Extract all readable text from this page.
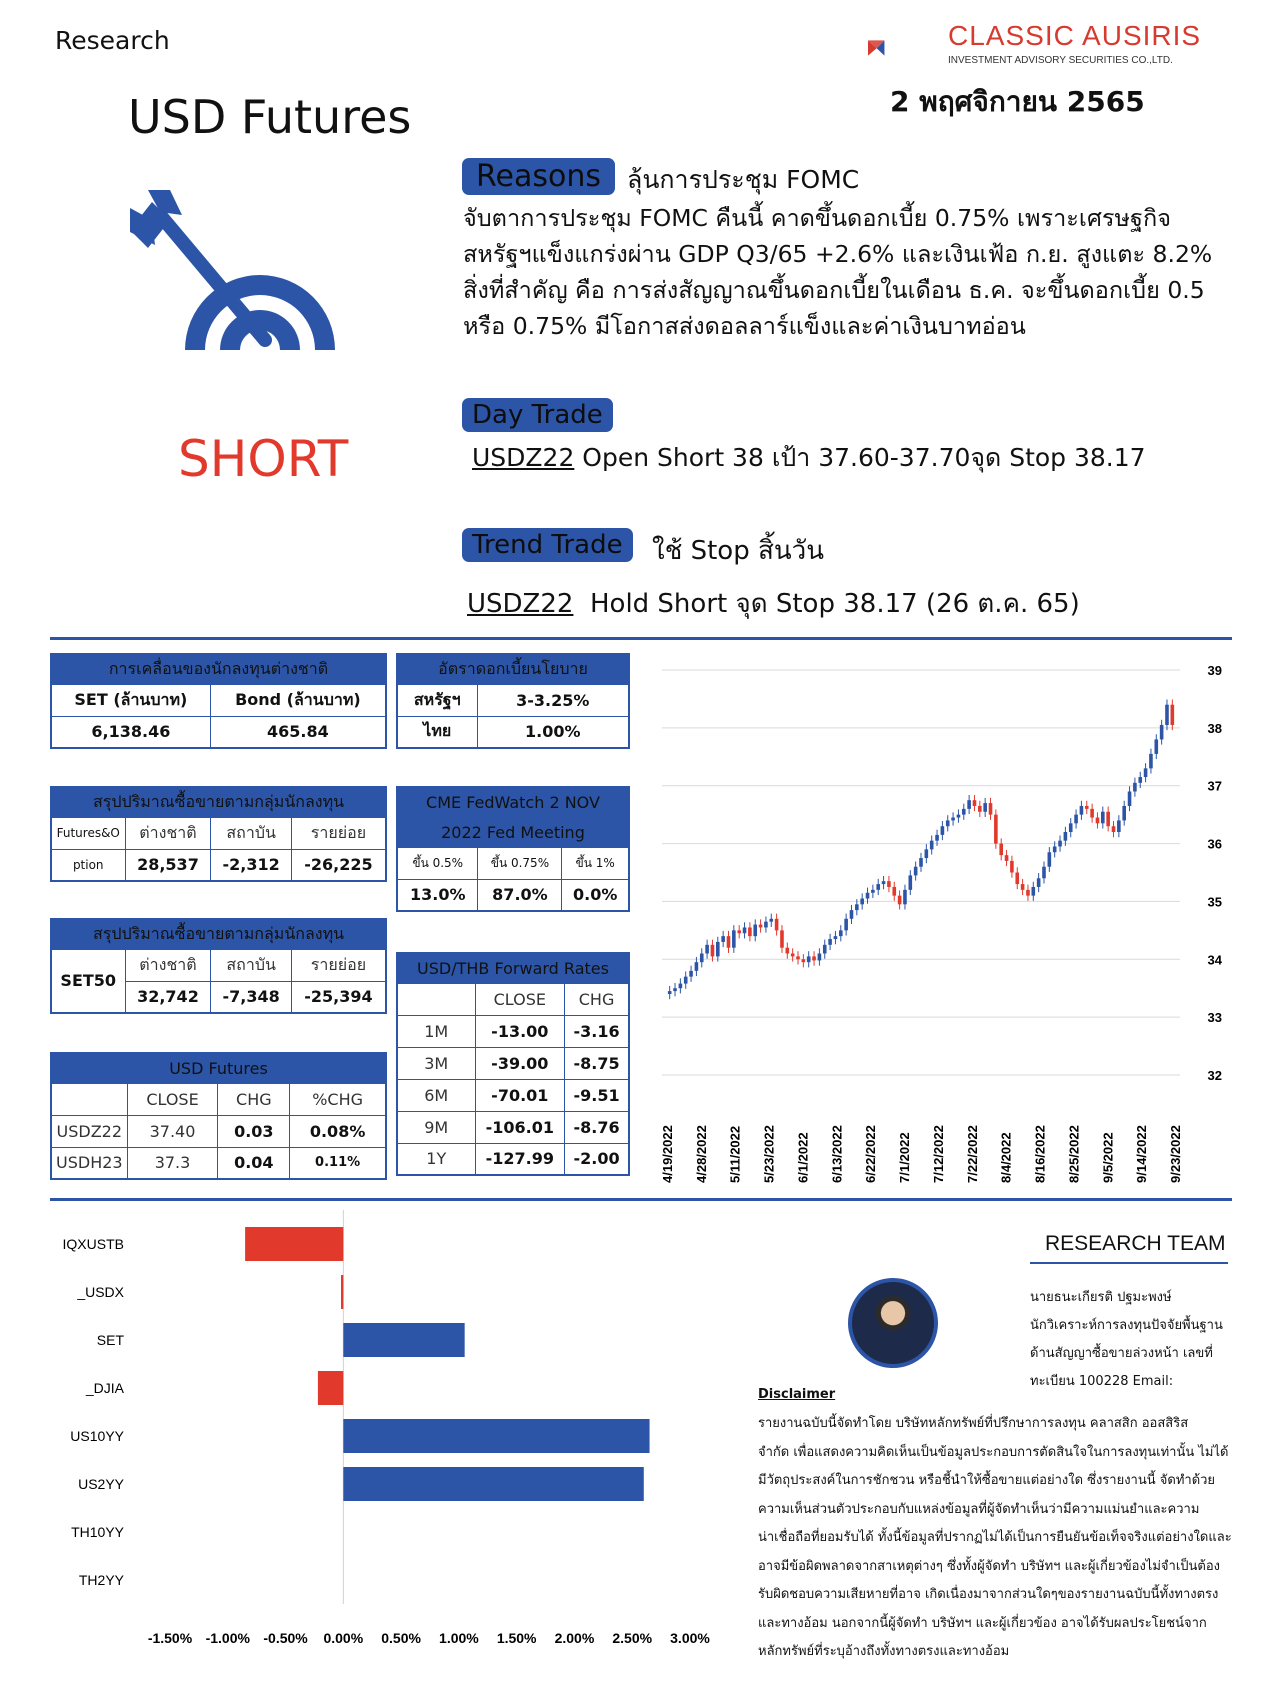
Research
USD Futures
CLASSIC AUSIRIS
INVESTMENT ADVISORY SECURITIES CO.,LTD.
2 พฤศจิกายน 2565
SHORT
Reasons	ลุ้นการประชุม FOMC
จับตาการประชุม FOMC คืนนี้ คาดขึ้นดอกเบี้ย 0.75% เพราะเศรษฐกิจ
สหรัฐฯแข็งแกร่งผ่าน GDP Q3/65 +2.6% และเงินเฟ้อ ก.ย. สูงแตะ 8.2%
สิ่งที่สำคัญ คือ การส่งสัญญาณขึ้นดอกเบี้ยในเดือน ธ.ค. จะขึ้นดอกเบี้ย 0.5
หรือ 0.75% มีโอกาสส่งดอลลาร์แข็งและค่าเงินบาทอ่อน
Day Trade
USDZ22 Open Short 38 เป้า 37.60-37.70จุด Stop 38.17
Trend Trade	ใช้ Stop สิ้นวัน
USDZ22  Hold Short จุด Stop 38.17 (26 ต.ค. 65)
การเคลื่อนของนักลงทุนต่างชาติ	
SET (ล้านบาท)	Bond (ล้านบาท)
6,138.46	465.84
อัตราดอกเบี้ยนโยบาย	
สหรัฐฯ	3-3.25%
ไทย	1.00%
สรุปปริมาณซื้อขายตามกลุ่มนักลงทุน			
Futures&O	ต่างชาติ	สถาบัน	รายย่อย
ption	28,537	-2,312	-26,225
CME FedWatch 2 NOV		
2022 Fed Meeting		
ขึ้น 0.5%	ขึ้น 0.75%	ขึ้น 1%
13.0%	87.0%	0.0%
สรุปปริมาณซื้อขายตามกลุ่มนักลงทุน			
SET50	ต่างชาติ	สถาบัน	รายย่อย
	32,742	-7,348	-25,394
USD Futures			
	CLOSE	CHG	%CHG
USDZ22	37.40	0.03	0.08%
USDH23	37.3	0.04	0.11%
USD/THB Forward Rates		
	CLOSE	CHG
1M	-13.00	-3.16
3M	-39.00	-8.75
6M	-70.01	-9.51
9M	-106.01	-8.76
1Y	-127.99	-2.00
32
33
34
35
36
37
38
39
4/19/2022 4/28/2022 5/11/2022 5/23/2022 6/1/2022 6/13/2022 6/22/2022 7/1/2022 7/12/2022 7/22/2022 8/4/2022 8/16/2022 8/25/2022 9/5/2022 9/14/2022 9/23/2022
IQXUSTB
_USDX
SET
_DJIA
US10YY
US2YY
TH10YY
TH2YY
-1.50% -1.00% -0.50% 0.00% 0.50% 1.00% 1.50% 2.00% 2.50% 3.00%
RESEARCH TEAM
นายธนะเกียรติ ปฐมะพงษ์
นักวิเคราะห์การลงทุนปัจจัยพื้นฐาน
ด้านสัญญาซื้อขายล่วงหน้า เลขที่
ทะเบียน 100228 Email:
Disclaimer
รายงานฉบับนี้จัดทำโดย บริษัทหลักทรัพย์ที่ปรึกษาการลงทุน คลาสสิก ออสสิริส
จำกัด เพื่อแสดงความคิดเห็นเป็นข้อมูลประกอบการตัดสินใจในการลงทุนเท่านั้น ไม่ได้
มีวัตถุประสงค์ในการชักชวน หรือชี้นำให้ซื้อขายแต่อย่างใด ซึ่งรายงานนี้ จัดทำด้วย
ความเห็นส่วนตัวประกอบกับแหล่งข้อมูลที่ผู้จัดทำเห็นว่ามีความแม่นยำและความ
น่าเชื่อถือที่ยอมรับได้ ทั้งนี้ข้อมูลที่ปรากฏไม่ได้เป็นการยืนยันข้อเท็จจริงแต่อย่างใดและ
อาจมีข้อผิดพลาดจากสาเหตุต่างๆ ซึ่งทั้งผู้จัดทำ บริษัทฯ และผู้เกี่ยวข้องไม่จำเป็นต้อง
รับผิดชอบความเสียหายที่อาจ เกิดเนื่องมาจากส่วนใดๆของรายงานฉบับนี้ทั้งทางตรง
และทางอ้อม นอกจากนี้ผู้จัดทำ บริษัทฯ และผู้เกี่ยวข้อง อาจได้รับผลประโยชน์จาก
หลักทรัพย์ที่ระบุอ้างถึงทั้งทางตรงและทางอ้อม
